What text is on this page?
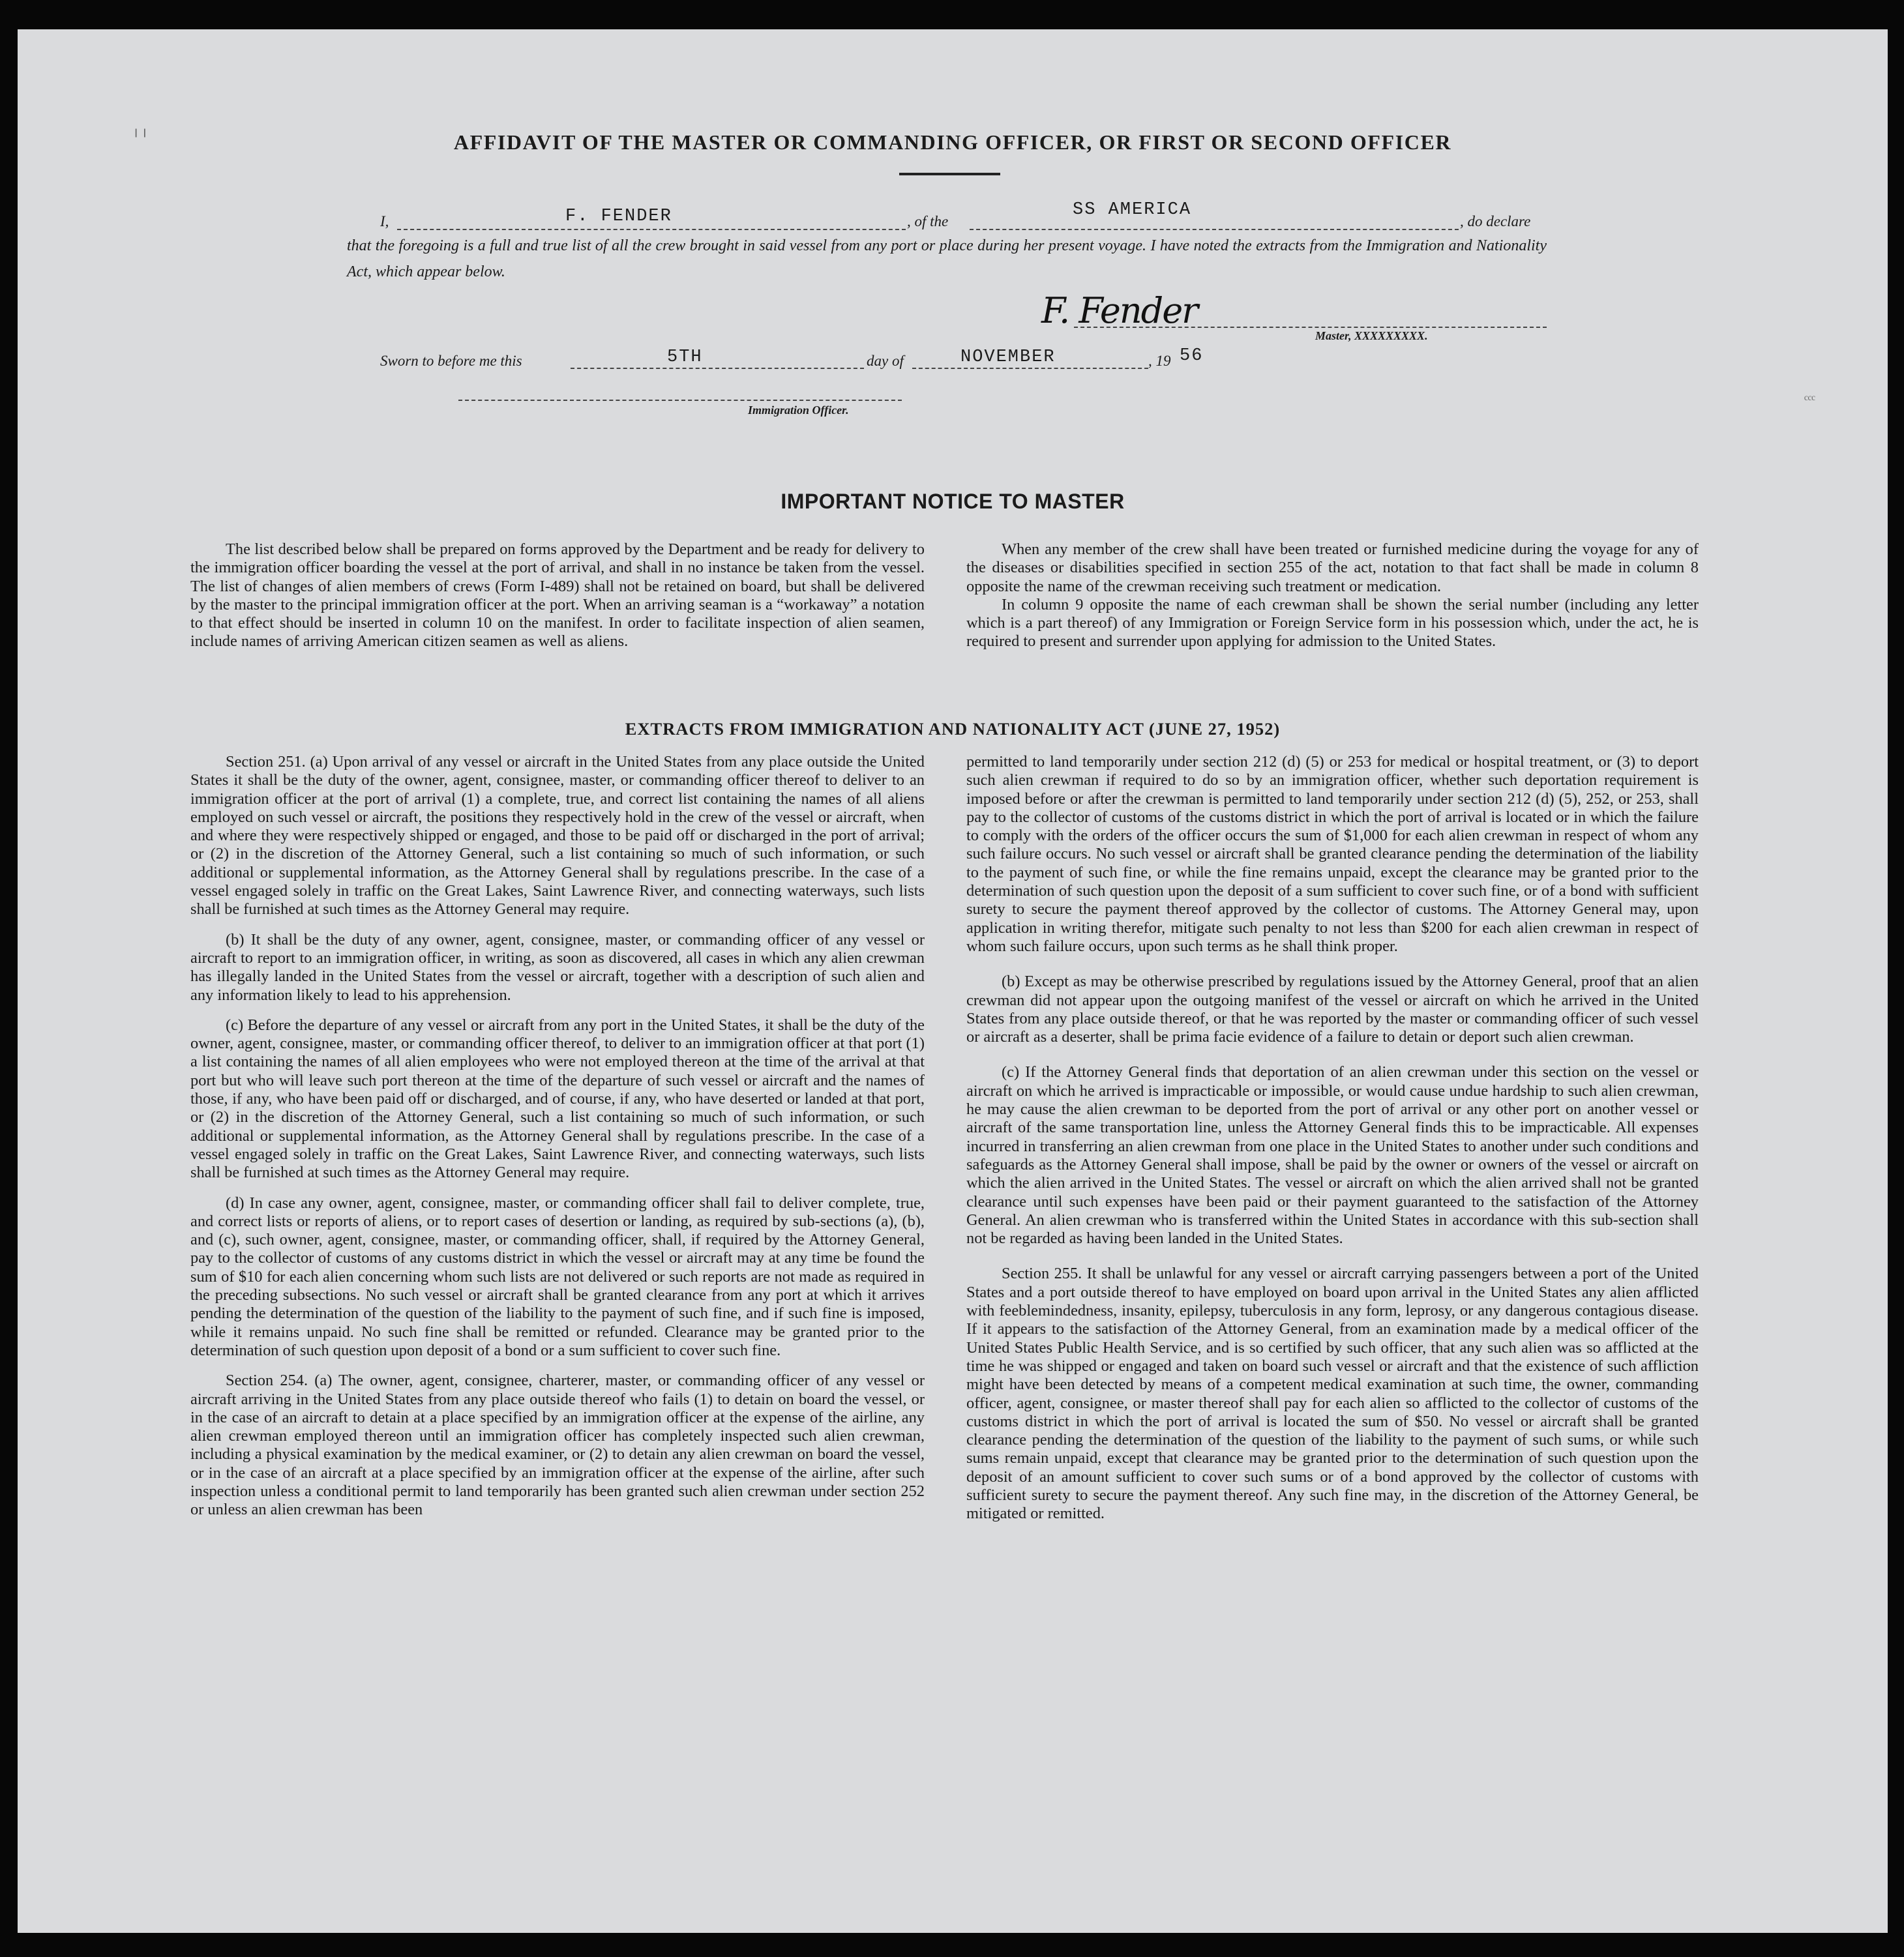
╷╷
ᶜᶜᶜ
AFFIDAVIT OF THE MASTER OR COMMANDING OFFICER, OR FIRST OR SECOND OFFICER
I,	F. FENDER	, of the
SS AMERICA
, do declare
that the foregoing is a full and true list of all the crew brought in said vessel from any port or place during her present voyage. I have noted the extracts from the Immigration and Nationality Act, which appear below.
F. Fender
Master, XXXXXXXXX.
Sworn to before me this	5TH	day of	NOVEMBER	, 19 56
Immigration Officer.
IMPORTANT NOTICE TO MASTER

The list described below shall be prepared on forms approved by the Department and be ready for delivery to the immigration officer boarding the vessel at the port of arrival, and shall in no instance be taken from the vessel. The list of changes of alien members of crews (Form I-489) shall not be retained on board, but shall be delivered by the master to the principal immigration officer at the port. When an arriving seaman is a “workaway” a notation to that effect should be inserted in column 10 on the manifest. In order to facilitate inspection of alien seamen, include names of arriving American citizen seamen as well as aliens.

When any member of the crew shall have been treated or furnished medicine during the voyage for any of the diseases or disabilities specified in section 255 of the act, notation to that fact shall be made in column 8 opposite the name of the crewman receiving such treatment or medication.

In column 9 opposite the name of each crewman shall be shown the serial number (including any letter which is a part thereof) of any Immigration or Foreign Service form in his possession which, under the act, he is required to present and surrender upon applying for admission to the United States.

EXTRACTS FROM IMMIGRATION AND NATIONALITY ACT (JUNE 27, 1952)

Section 251. (a) Upon arrival of any vessel or aircraft in the United States from any place outside the United States it shall be the duty of the owner, agent, consignee, master, or commanding officer thereof to deliver to an immigration officer at the port of arrival (1) a complete, true, and correct list containing the names of all aliens employed on such vessel or aircraft, the positions they respectively hold in the crew of the vessel or aircraft, when and where they were respectively shipped or engaged, and those to be paid off or discharged in the port of arrival; or (2) in the discretion of the Attorney General, such a list containing so much of such information, or such additional or supplemental information, as the Attorney General shall by regulations prescribe. In the case of a vessel engaged solely in traffic on the Great Lakes, Saint Lawrence River, and connecting waterways, such lists shall be furnished at such times as the Attorney General may require.

(b) It shall be the duty of any owner, agent, consignee, master, or commanding officer of any vessel or aircraft to report to an immigration officer, in writing, as soon as discovered, all cases in which any alien crewman has illegally landed in the United States from the vessel or aircraft, together with a description of such alien and any information likely to lead to his apprehension.

(c) Before the departure of any vessel or aircraft from any port in the United States, it shall be the duty of the owner, agent, consignee, master, or commanding officer thereof, to deliver to an immigration officer at that port (1) a list containing the names of all alien employees who were not employed thereon at the time of the arrival at that port but who will leave such port thereon at the time of the departure of such vessel or aircraft and the names of those, if any, who have been paid off or discharged, and of course, if any, who have deserted or landed at that port, or (2) in the discretion of the Attorney General, such a list containing so much of such information, or such additional or supplemental information, as the Attorney General shall by regulations prescribe. In the case of a vessel engaged solely in traffic on the Great Lakes, Saint Lawrence River, and connecting waterways, such lists shall be furnished at such times as the Attorney General may require.

(d) In case any owner, agent, consignee, master, or commanding officer shall fail to deliver complete, true, and correct lists or reports of aliens, or to report cases of desertion or landing, as required by sub-sections (a), (b), and (c), such owner, agent, consignee, master, or commanding officer, shall, if required by the Attorney General, pay to the collector of customs of any customs district in which the vessel or aircraft may at any time be found the sum of $10 for each alien concerning whom such lists are not delivered or such reports are not made as required in the preceding subsections. No such vessel or aircraft shall be granted clearance from any port at which it arrives pending the determination of the question of the liability to the payment of such fine, and if such fine is imposed, while it remains unpaid. No such fine shall be remitted or refunded. Clearance may be granted prior to the determination of such question upon deposit of a bond or a sum sufficient to cover such fine.

Section 254. (a) The owner, agent, consignee, charterer, master, or commanding officer of any vessel or aircraft arriving in the United States from any place outside thereof who fails (1) to detain on board the vessel, or in the case of an aircraft to detain at a place specified by an immigration officer at the expense of the airline, any alien crewman employed thereon until an immigration officer has completely inspected such alien crewman, including a physical examination by the medical examiner, or (2) to detain any alien crewman on board the vessel, or in the case of an aircraft at a place specified by an immigration officer at the expense of the airline, after such inspection unless a conditional permit to land temporarily has been granted such alien crewman under section 252 or unless an alien crewman has been

permitted to land temporarily under section 212 (d) (5) or 253 for medical or hospital treatment, or (3) to deport such alien crewman if required to do so by an immigration officer, whether such deportation requirement is imposed before or after the crewman is permitted to land temporarily under section 212 (d) (5), 252, or 253, shall pay to the collector of customs of the customs district in which the port of arrival is located or in which the failure to comply with the orders of the officer occurs the sum of $1,000 for each alien crewman in respect of whom any such failure occurs. No such vessel or aircraft shall be granted clearance pending the determination of the liability to the payment of such fine, or while the fine remains unpaid, except the clearance may be granted prior to the determination of such question upon the deposit of a sum sufficient to cover such fine, or of a bond with sufficient surety to secure the payment thereof approved by the collector of customs. The Attorney General may, upon application in writing therefor, mitigate such penalty to not less than $200 for each alien crewman in respect of whom such failure occurs, upon such terms as he shall think proper.

(b) Except as may be otherwise prescribed by regulations issued by the Attorney General, proof that an alien crewman did not appear upon the outgoing manifest of the vessel or aircraft on which he arrived in the United States from any place outside thereof, or that he was reported by the master or commanding officer of such vessel or aircraft as a deserter, shall be prima facie evidence of a failure to detain or deport such alien crewman.

(c) If the Attorney General finds that deportation of an alien crewman under this section on the vessel or aircraft on which he arrived is impracticable or impossible, or would cause undue hardship to such alien crewman, he may cause the alien crewman to be deported from the port of arrival or any other port on another vessel or aircraft of the same transportation line, unless the Attorney General finds this to be impracticable. All expenses incurred in transferring an alien crewman from one place in the United States to another under such conditions and safeguards as the Attorney General shall impose, shall be paid by the owner or owners of the vessel or aircraft on which the alien arrived in the United States. The vessel or aircraft on which the alien arrived shall not be granted clearance until such expenses have been paid or their payment guaranteed to the satisfaction of the Attorney General. An alien crewman who is transferred within the United States in accordance with this sub-section shall not be regarded as having been landed in the United States.

Section 255. It shall be unlawful for any vessel or aircraft carrying passengers between a port of the United States and a port outside thereof to have employed on board upon arrival in the United States any alien afflicted with feeblemindedness, insanity, epilepsy, tuberculosis in any form, leprosy, or any dangerous contagious disease. If it appears to the satisfaction of the Attorney General, from an examination made by a medical officer of the United States Public Health Service, and is so certified by such officer, that any such alien was so afflicted at the time he was shipped or engaged and taken on board such vessel or aircraft and that the existence of such affliction might have been detected by means of a competent medical examination at such time, the owner, commanding officer, agent, consignee, or master thereof shall pay for each alien so afflicted to the collector of customs of the customs district in which the port of arrival is located the sum of $50. No vessel or aircraft shall be granted clearance pending the determination of the question of the liability to the payment of such sums, or while such sums remain unpaid, except that clearance may be granted prior to the determination of such question upon the deposit of an amount sufficient to cover such sums or of a bond approved by the collector of customs with sufficient surety to secure the payment thereof. Any such fine may, in the discretion of the Attorney General, be mitigated or remitted.
